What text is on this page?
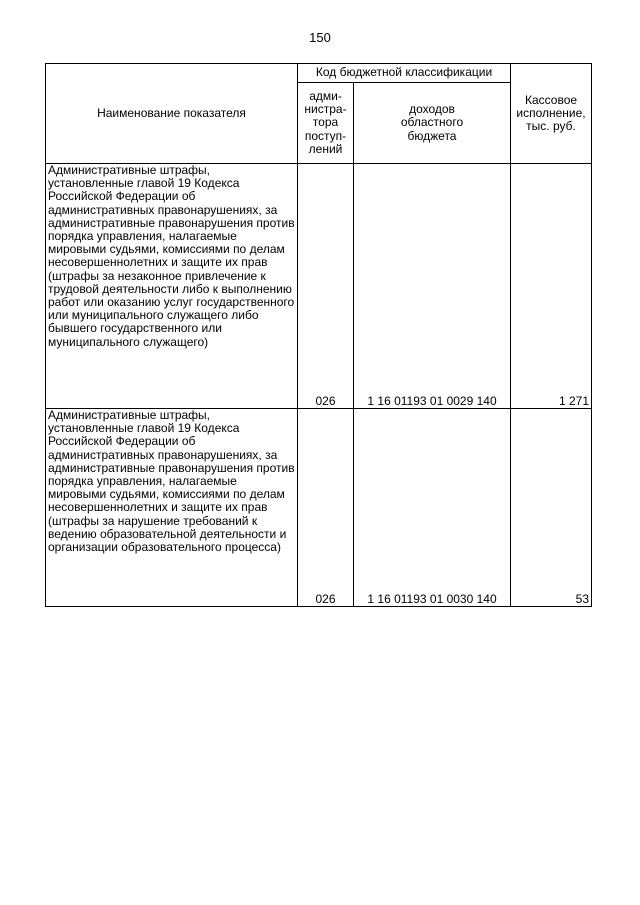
150
Наименование показателя	Код бюджетной классификации		Кассовое
исполнение,
тыс. руб.

	адми-
нистра-
тора
поступ-
лений	доходов
областного
бюджета	

Административные штрафы, установленные главой 19 Кодекса Российской Федерации об административных правонарушениях, за административные правонарушения против порядка управления, налагаемые мировыми судьями, комиссиями по делам несовершеннолетних и защите их прав (штрафы за незаконное привлечение к трудовой деятельности либо к выполнению работ или оказанию услуг государственного или муниципального служащего либо бывшего государственного или муниципального служащего)	026	1 16 01193 01 0029 140	1 271
Административные штрафы, установленные главой 19 Кодекса Российской Федерации об административных правонарушениях, за административные правонарушения против порядка управления, налагаемые мировыми судьями, комиссиями по делам несовершеннолетних и защите их прав (штрафы за нарушение требований к ведению образовательной деятельности и организации образовательного процесса)	026	1 16 01193 01 0030 140	53
